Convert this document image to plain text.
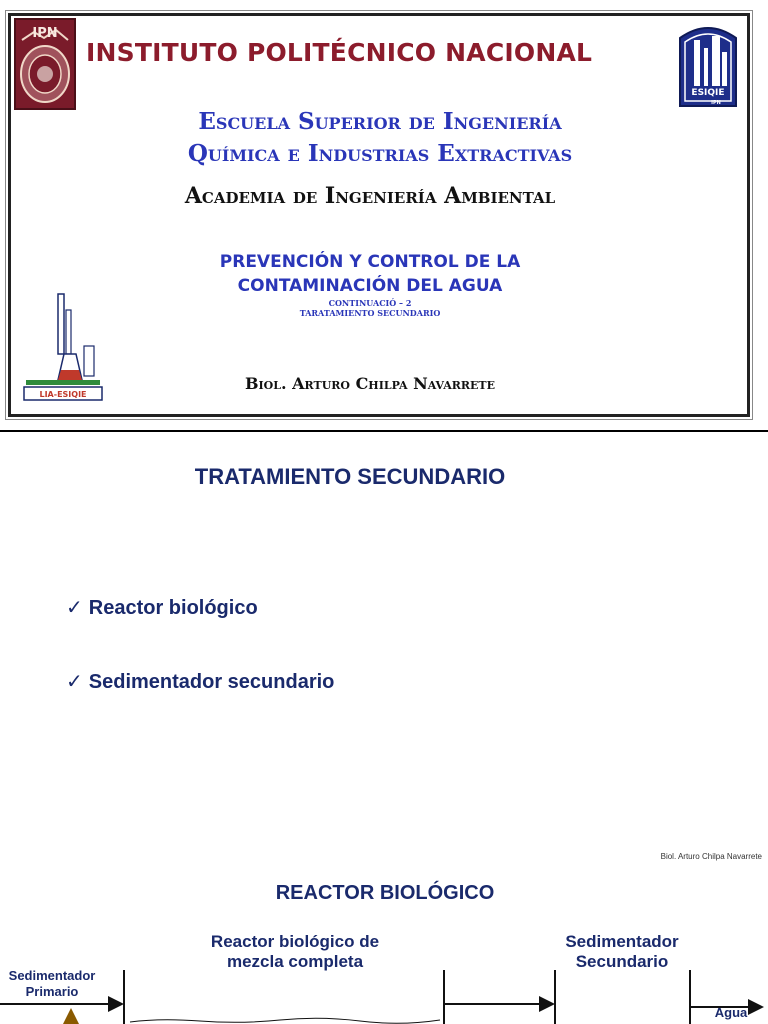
IPN
INSTITUTO POLITÉCNICO NACIONAL
ESIQIE
IPN
Escuela Superior de Ingeniería
Química e Industrias Extractivas
Academia de Ingeniería Ambiental
PREVENCIÓN Y CONTROL DE LA
CONTAMINACIÓN DEL AGUA
CONTINUACIÓ – 2
TARATAMIENTO SECUNDARIO
LIA-ESIQIE
Biol. Arturo Chilpa Navarrete
TRATAMIENTO SECUNDARIO
✓ Reactor biológico
✓ Sedimentador secundario
Biol. Arturo Chilpa Navarrete
REACTOR BIOLÓGICO
Sedimentador
Primario
Reactor biológico de
mezcla completa
Sedimentador
Secundario
Agua
